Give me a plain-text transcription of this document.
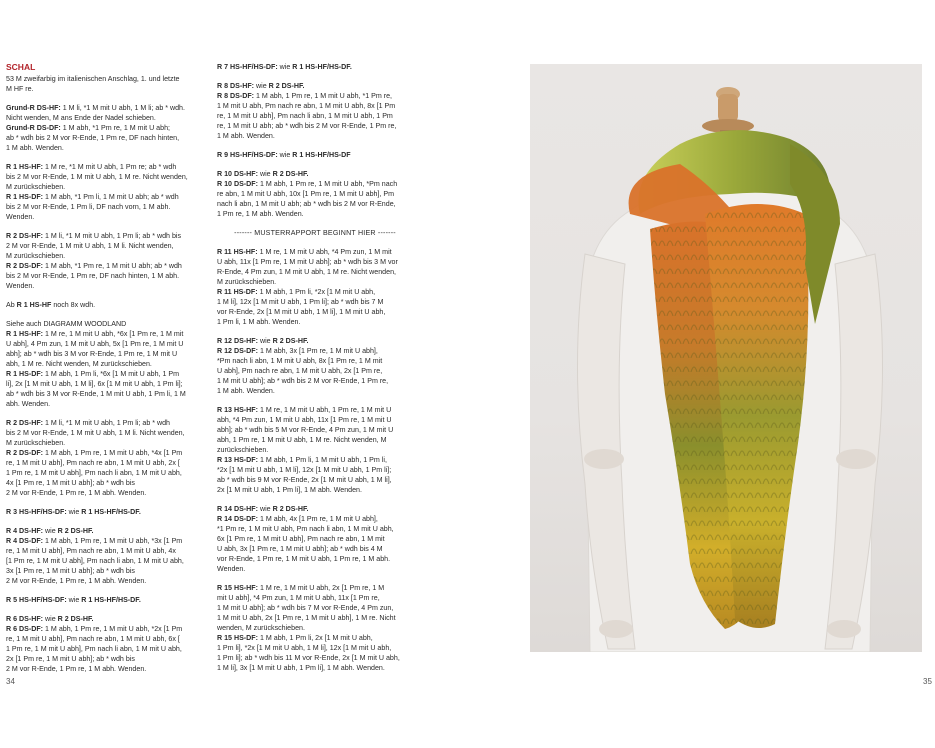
SCHAL
53 M zweifarbig im italienischen Anschlag, 1. und letzte
M HF re.
Grund-R DS-HF: 1 M li, *1 M mit U abh, 1 M li; ab * wdh.
Nicht wenden, M ans Ende der Nadel schieben.
Grund-R DS-DF: 1 M abh, *1 Pm re, 1 M mit U abh;
ab * wdh bis 2 M vor R-Ende, 1 Pm re, DF nach hinten,
1 M abh. Wenden.
R 1 HS-HF: 1 M re, *1 M mit U abh, 1 Pm re; ab * wdh
bis 2 M vor R-Ende, 1 M mit U abh, 1 M re. Nicht wenden,
M zurückschieben.
R 1 HS-DF: 1 M abh, *1 Pm li, 1 M mit U abh; ab * wdh
bis 2 M vor R-Ende, 1 Pm li, DF nach vorn, 1 M abh.
Wenden.
R 2 DS-HF: 1 M li, *1 M mit U abh, 1 Pm li; ab * wdh bis
2 M vor R-Ende, 1 M mit U abh, 1 M li. Nicht wenden,
M zurückschieben.
R 2 DS-DF: 1 M abh, *1 Pm re, 1 M mit U abh; ab * wdh
bis 2 M vor R-Ende, 1 Pm re, DF nach hinten, 1 M abh.
Wenden.
Ab R 1 HS-HF noch 8x wdh.
Siehe auch DIAGRAMM WOODLAND
R 1 HS-HF: 1 M re, 1 M mit U abh, *6x [1 Pm re, 1 M mit
U abh], 4 Pm zun, 1 M mit U abh, 5x [1 Pm re, 1 M mit U
abh]; ab * wdh bis 3 M vor R-Ende, 1 Pm re, 1 M mit U
abh, 1 M re. Nicht wenden, M zurückschieben.
R 1 HS-DF: 1 M abh, 1 Pm li, *6x [1 M mit U abh, 1 Pm
li], 2x [1 M mit U abh, 1 M li], 6x [1 M mit U abh, 1 Pm li];
ab * wdh bis 3 M vor R-Ende, 1 M mit U abh, 1 Pm li, 1 M
abh. Wenden.
R 2 DS-HF: 1 M li, *1 M mit U abh, 1 Pm li; ab * wdh
bis 2 M vor R-Ende, 1 M mit U abh, 1 M li. Nicht wenden,
M zurückschieben.
R 2 DS-DF: 1 M abh, 1 Pm re, 1 M mit U abh, *4x [1 Pm
re, 1 M mit U abh], Pm nach re abn, 1 M mit U abh, 2x [
1 Pm re, 1 M mit U abh], Pm nach li abn, 1 M mit U abh,
4x [1 Pm re, 1 M mit U abh]; ab * wdh bis
2 M vor R-Ende, 1 Pm re, 1 M abh. Wenden.
R 3 HS-HF/HS-DF: wie R 1 HS-HF/HS-DF.
R 4 DS-HF: wie R 2 DS-HF.
R 4 DS-DF: 1 M abh, 1 Pm re, 1 M mit U abh, *3x [1 Pm
re, 1 M mit U abh], Pm nach re abn, 1 M mit U abh, 4x
[1 Pm re, 1 M mit U abh], Pm nach li abn, 1 M mit U abh,
3x [1 Pm re, 1 M mit U abh]; ab * wdh bis
2 M vor R-Ende, 1 Pm re, 1 M abh. Wenden.
R 5 HS-HF/HS-DF: wie R 1 HS-HF/HS-DF.
R 6 DS-HF: wie R 2 DS-HF.
R 6 DS-DF: 1 M abh, 1 Pm re, 1 M mit U abh, *2x [1 Pm
re, 1 M mit U abh], Pm nach re abn, 1 M mit U abh, 6x [
1 Pm re, 1 M mit U abh], Pm nach li abn, 1 M mit U abh,
2x [1 Pm re, 1 M mit U abh]; ab * wdh bis
2 M vor R-Ende, 1 Pm re, 1 M abh. Wenden.
R 7 HS-HF/HS-DF: wie R 1 HS-HF/HS-DF.
R 8 DS-HF: wie R 2 DS-HF.
R 8 DS-DF: 1 M abh, 1 Pm re, 1 M mit U abh, *1 Pm re,
1 M mit U abh, Pm nach re abn, 1 M mit U abh, 8x [1 Pm
re, 1 M mit U abh], Pm nach li abn, 1 M mit U abh, 1 Pm
re, 1 M mit U abh; ab * wdh bis 2 M vor R-Ende, 1 Pm re,
1 M abh. Wenden.
R 9 HS-HF/HS-DF: wie R 1 HS-HF/HS-DF
R 10 DS-HF: wie R 2 DS-HF.
R 10 DS-DF: 1 M abh, 1 Pm re, 1 M mit U abh, *Pm nach
re abn, 1 M mit U abh, 10x [1 Pm re, 1 M mit U abh], Pm
nach li abn, 1 M mit U abh; ab * wdh bis 2 M vor R-Ende,
1 Pm re, 1 M abh. Wenden.
------- MUSTERRAPPORT BEGINNT HIER -------
R 11 HS-HF: 1 M re, 1 M mit U abh, *4 Pm zun, 1 M mit
U abh, 11x [1 Pm re, 1 M mit U abh]; ab * wdh bis 3 M vor
R-Ende, 4 Pm zun, 1 M mit U abh, 1 M re. Nicht wenden,
M zurückschieben.
R 11 HS-DF: 1 M abh, 1 Pm li, *2x [1 M mit U abh,
1 M li], 12x [1 M mit U abh, 1 Pm li]; ab * wdh bis 7 M
vor R-Ende, 2x [1 M mit U abh, 1 M li], 1 M mit U abh,
1 Pm li, 1 M abh. Wenden.
R 12 DS-HF: wie R 2 DS-HF.
R 12 DS-DF: 1 M abh, 3x [1 Pm re, 1 M mit U abh],
*Pm nach li abn, 1 M mit U abh, 8x [1 Pm re, 1 M mit
U abh], Pm nach re abn, 1 M mit U abh, 2x [1 Pm re,
1 M mit U abh]; ab * wdh bis 2 M vor R-Ende, 1 Pm re,
1 M abh. Wenden.
R 13 HS-HF: 1 M re, 1 M mit U abh, 1 Pm re, 1 M mit U
abh, *4 Pm zun, 1 M mit U abh, 11x [1 Pm re, 1 M mit U
abh]; ab * wdh bis 5 M vor R-Ende, 4 Pm zun, 1 M mit U
abh, 1 Pm re, 1 M mit U abh, 1 M re. Nicht wenden, M
zurückschieben.
R 13 HS-DF: 1 M abh, 1 Pm li, 1 M mit U abh, 1 Pm li,
*2x [1 M mit U abh, 1 M li], 12x [1 M mit U abh, 1 Pm li];
ab * wdh bis 9 M vor R-Ende, 2x [1 M mit U abh, 1 M li],
2x [1 M mit U abh, 1 Pm li], 1 M abh. Wenden.
R 14 DS-HF: wie R 2 DS-HF.
R 14 DS-DF: 1 M abh, 4x [1 Pm re, 1 M mit U abh],
*1 Pm re, 1 M mit U abh, Pm nach li abn, 1 M mit U abh,
6x [1 Pm re, 1 M mit U abh], Pm nach re abn, 1 M mit
U abh, 3x [1 Pm re, 1 M mit U abh]; ab * wdh bis 4 M
vor R-Ende, 1 Pm re, 1 M mit U abh, 1 Pm re, 1 M abh.
Wenden.
R 15 HS-HF: 1 M re, 1 M mit U abh, 2x [1 Pm re, 1 M
mit U abh], *4 Pm zun, 1 M mit U abh, 11x [1 Pm re,
1 M mit U abh]; ab * wdh bis 7 M vor R-Ende, 4 Pm zun,
1 M mit U abh, 2x [1 Pm re, 1 M mit U abh], 1 M re. Nicht
wenden, M zurückschieben.
R 15 HS-DF: 1 M abh, 1 Pm li, 2x [1 M mit U abh,
1 Pm li], *2x [1 M mit U abh, 1 M li], 12x [1 M mit U abh,
1 Pm li]; ab * wdh bis 11 M vor R-Ende, 2x [1 M mit U abh,
1 M li], 3x [1 M mit U abh, 1 Pm li], 1 M abh. Wenden.
34	35
